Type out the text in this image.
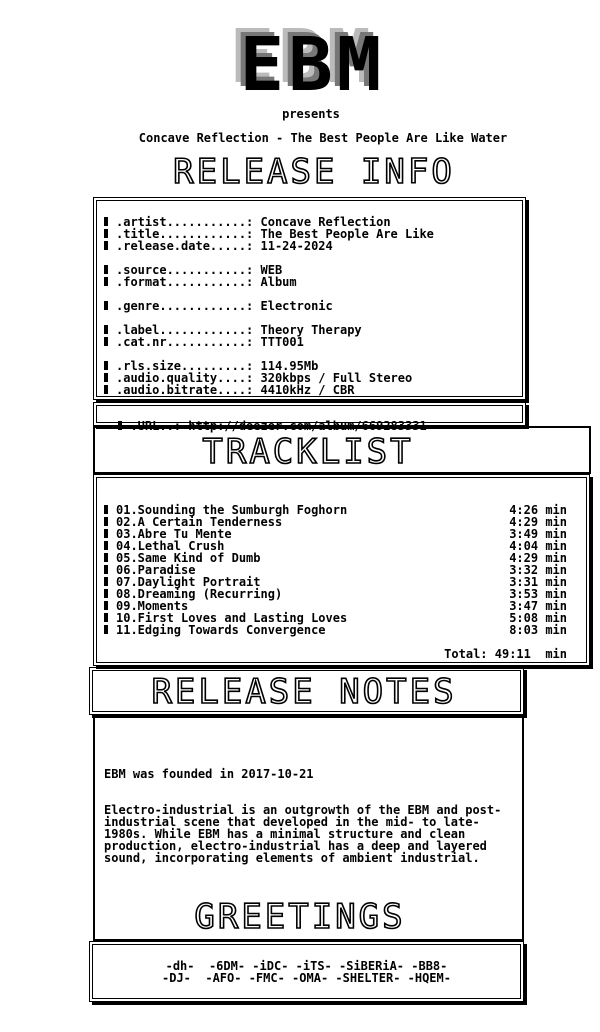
EBM
presents
Concave Reflection - The Best People Are Like Water
RELEASE INFO
.artist...........: Concave Reflection
.title............: The Best People Are Like
.release.date.....: 11-24-2024
.source...........: WEB
.format...........: Album
.genre............: Electronic
.label............: Theory Therapy
.cat.nr...........: TTT001
.rls.size.........: 114.95Mb
.audio.quality....: 320kbps / Full Stereo
.audio.bitrate....: 4410kHz / CBR

.URL..: http://deezer.com/album/669283331

TRACKLIST
01.Sounding the Sumburgh Foghorn	4:26 min
02.A Certain Tenderness	4:29 min
03.Abre Tu Mente	3:49 min
04.Lethal Crush	4:04 min
05.Same Kind of Dumb	4:29 min
06.Paradise	3:32 min
07.Daylight Portrait	3:31 min
08.Dreaming (Recurring)	3:53 min
09.Moments	3:47 min
10.First Loves and Lasting Loves	5:08 min
11.Edging Towards Convergence	8:03 min
Total: 49:11  min
RELEASE NOTES
EBM was founded in 2017-10-21
Electro-industrial is an outgrowth of the EBM and post-industrial scene that developed in the mid- to late-1980s. While EBM has a minimal structure and clean production, electro-industrial has a deep and layered sound, incorporating elements of ambient industrial.
GREETINGS
-dh-  -6DM- -iDC- -iTS- -SiBERiA- -BB8-
-DJ-  -AFO- -FMC- -OMA- -SHELTER- -HQEM-
